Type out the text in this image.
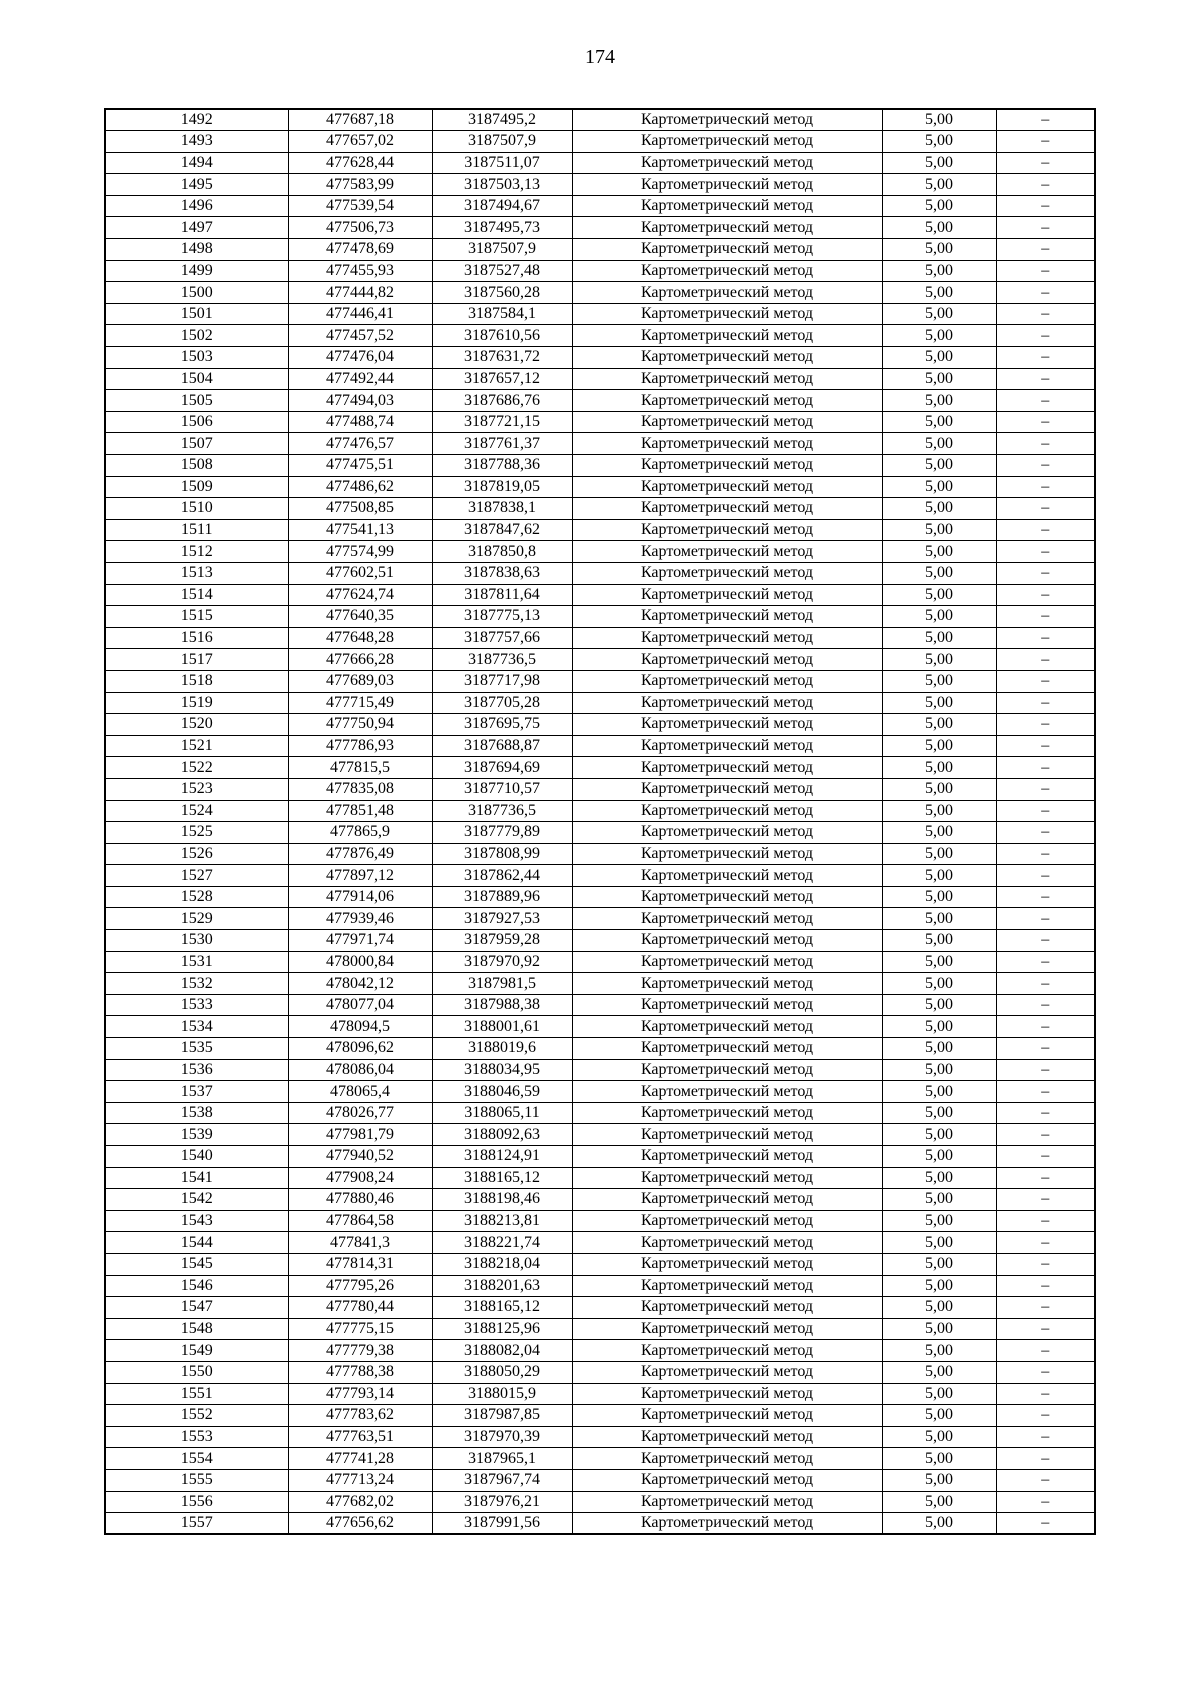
174
1492	477687,18	3187495,2	Картометрический метод	5,00	–
1493	477657,02	3187507,9	Картометрический метод	5,00	–
1494	477628,44	3187511,07	Картометрический метод	5,00	–
1495	477583,99	3187503,13	Картометрический метод	5,00	–
1496	477539,54	3187494,67	Картометрический метод	5,00	–
1497	477506,73	3187495,73	Картометрический метод	5,00	–
1498	477478,69	3187507,9	Картометрический метод	5,00	–
1499	477455,93	3187527,48	Картометрический метод	5,00	–
1500	477444,82	3187560,28	Картометрический метод	5,00	–
1501	477446,41	3187584,1	Картометрический метод	5,00	–
1502	477457,52	3187610,56	Картометрический метод	5,00	–
1503	477476,04	3187631,72	Картометрический метод	5,00	–
1504	477492,44	3187657,12	Картометрический метод	5,00	–
1505	477494,03	3187686,76	Картометрический метод	5,00	–
1506	477488,74	3187721,15	Картометрический метод	5,00	–
1507	477476,57	3187761,37	Картометрический метод	5,00	–
1508	477475,51	3187788,36	Картометрический метод	5,00	–
1509	477486,62	3187819,05	Картометрический метод	5,00	–
1510	477508,85	3187838,1	Картометрический метод	5,00	–
1511	477541,13	3187847,62	Картометрический метод	5,00	–
1512	477574,99	3187850,8	Картометрический метод	5,00	–
1513	477602,51	3187838,63	Картометрический метод	5,00	–
1514	477624,74	3187811,64	Картометрический метод	5,00	–
1515	477640,35	3187775,13	Картометрический метод	5,00	–
1516	477648,28	3187757,66	Картометрический метод	5,00	–
1517	477666,28	3187736,5	Картометрический метод	5,00	–
1518	477689,03	3187717,98	Картометрический метод	5,00	–
1519	477715,49	3187705,28	Картометрический метод	5,00	–
1520	477750,94	3187695,75	Картометрический метод	5,00	–
1521	477786,93	3187688,87	Картометрический метод	5,00	–
1522	477815,5	3187694,69	Картометрический метод	5,00	–
1523	477835,08	3187710,57	Картометрический метод	5,00	–
1524	477851,48	3187736,5	Картометрический метод	5,00	–
1525	477865,9	3187779,89	Картометрический метод	5,00	–
1526	477876,49	3187808,99	Картометрический метод	5,00	–
1527	477897,12	3187862,44	Картометрический метод	5,00	–
1528	477914,06	3187889,96	Картометрический метод	5,00	–
1529	477939,46	3187927,53	Картометрический метод	5,00	–
1530	477971,74	3187959,28	Картометрический метод	5,00	–
1531	478000,84	3187970,92	Картометрический метод	5,00	–
1532	478042,12	3187981,5	Картометрический метод	5,00	–
1533	478077,04	3187988,38	Картометрический метод	5,00	–
1534	478094,5	3188001,61	Картометрический метод	5,00	–
1535	478096,62	3188019,6	Картометрический метод	5,00	–
1536	478086,04	3188034,95	Картометрический метод	5,00	–
1537	478065,4	3188046,59	Картометрический метод	5,00	–
1538	478026,77	3188065,11	Картометрический метод	5,00	–
1539	477981,79	3188092,63	Картометрический метод	5,00	–
1540	477940,52	3188124,91	Картометрический метод	5,00	–
1541	477908,24	3188165,12	Картометрический метод	5,00	–
1542	477880,46	3188198,46	Картометрический метод	5,00	–
1543	477864,58	3188213,81	Картометрический метод	5,00	–
1544	477841,3	3188221,74	Картометрический метод	5,00	–
1545	477814,31	3188218,04	Картометрический метод	5,00	–
1546	477795,26	3188201,63	Картометрический метод	5,00	–
1547	477780,44	3188165,12	Картометрический метод	5,00	–
1548	477775,15	3188125,96	Картометрический метод	5,00	–
1549	477779,38	3188082,04	Картометрический метод	5,00	–
1550	477788,38	3188050,29	Картометрический метод	5,00	–
1551	477793,14	3188015,9	Картометрический метод	5,00	–
1552	477783,62	3187987,85	Картометрический метод	5,00	–
1553	477763,51	3187970,39	Картометрический метод	5,00	–
1554	477741,28	3187965,1	Картометрический метод	5,00	–
1555	477713,24	3187967,74	Картометрический метод	5,00	–
1556	477682,02	3187976,21	Картометрический метод	5,00	–
1557	477656,62	3187991,56	Картометрический метод	5,00	–
